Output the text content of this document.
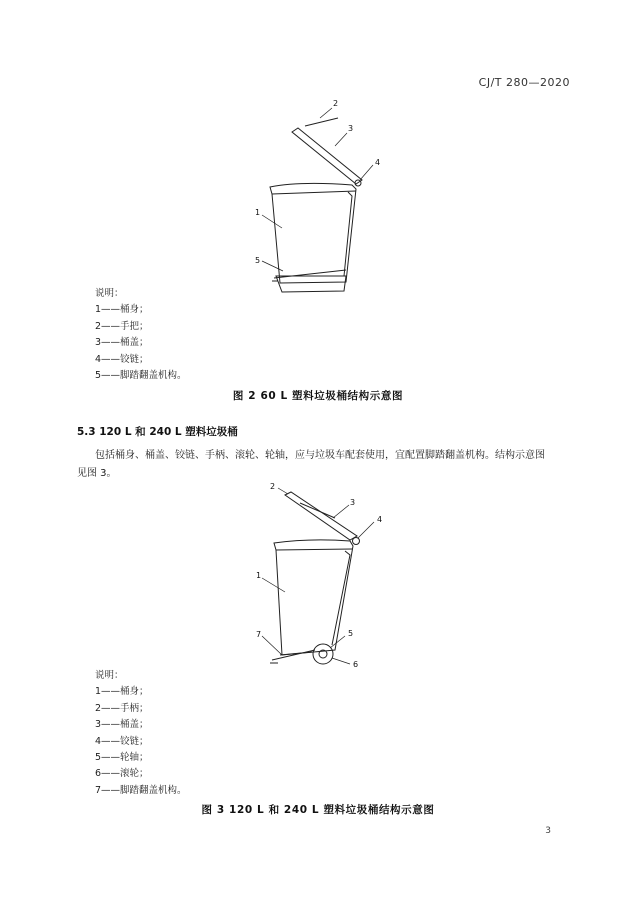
CJ/T 280—2020
2
3
4
1
5
2
3
4
1
5
7
6
说明：
1——桶身；
2——手把；
3——桶盖；
4——铰链；
5——脚踏翻盖机构。
图 2 60 L 塑料垃圾桶结构示意图
5.3 120 L 和 240 L 塑料垃圾桶
包括桶身、桶盖、铰链、手柄、滚轮、轮轴，应与垃圾车配套使用，宜配置脚踏翻盖机构。结构示意图
见图 3。
说明：
1——桶身；
2——手柄；
3——桶盖；
4——铰链；
5——轮轴；
6——滚轮；
7——脚踏翻盖机构。
图 3 120 L 和 240 L 塑料垃圾桶结构示意图
3
